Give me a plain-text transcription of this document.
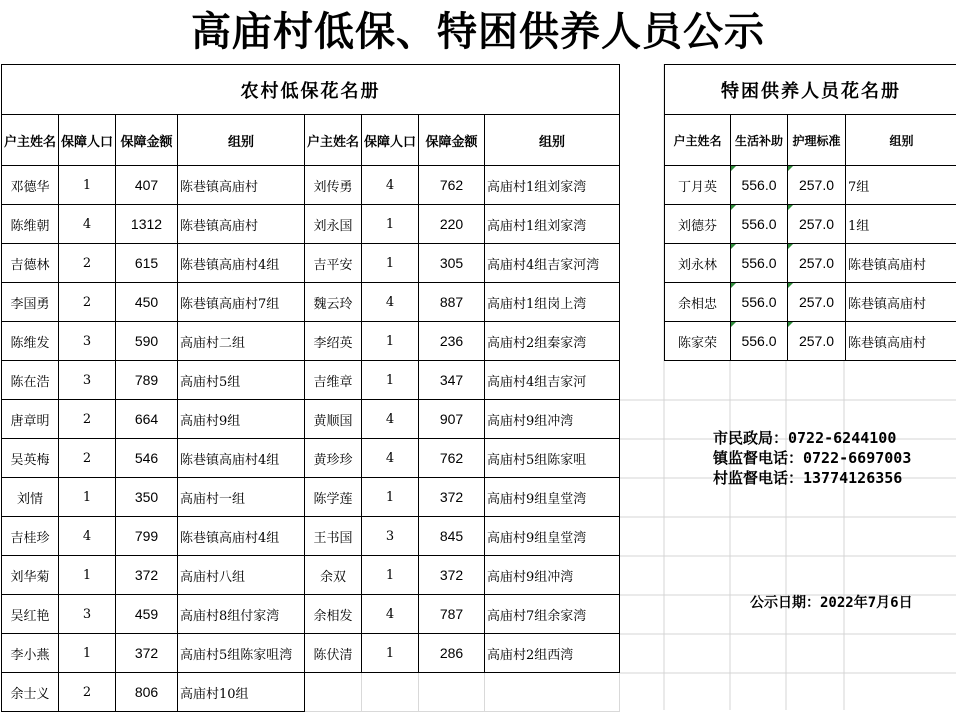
高庙村低保、特困供养人员公示
农村低保花名册							
户主姓名	保障人口	保障金额	组别	户主姓名	保障人口	保障金额	组别
邓德华	1	407	陈巷镇高庙村	刘传勇	4	762	高庙村1组刘家湾
陈维朝	4	1312	陈巷镇高庙村	刘永国	1	220	高庙村1组刘家湾
吉德林	2	615	陈巷镇高庙村4组	吉平安	1	305	高庙村4组吉家河湾
李国勇	2	450	陈巷镇高庙村7组	魏云玲	4	887	高庙村1组岗上湾
陈维发	3	590	高庙村二组	李绍英	1	236	高庙村2组秦家湾
陈在浩	3	789	高庙村5组	吉维章	1	347	高庙村4组吉家河
唐章明	2	664	高庙村9组	黄顺国	4	907	高庙村9组冲湾
吴英梅	2	546	陈巷镇高庙村4组	黄珍珍	4	762	高庙村5组陈家咀
刘情	1	350	高庙村一组	陈学莲	1	372	高庙村9组皇堂湾
吉桂珍	4	799	陈巷镇高庙村4组	王书国	3	845	高庙村9组皇堂湾
刘华菊	1	372	高庙村八组	余双	1	372	高庙村9组冲湾
吴红艳	3	459	高庙村8组付家湾	余相发	4	787	高庙村7组余家湾
李小燕	1	372	高庙村5组陈家咀湾	陈伏清	1	286	高庙村2组西湾
余士义	2	806	高庙村10组				
特困供养人员花名册			
户主姓名	生活补助	护理标准	组别
丁月英	556.0	257.0	7组
刘德芬	556.0	257.0	1组
刘永林	556.0	257.0	陈巷镇高庙村
余相忠	556.0	257.0	陈巷镇高庙村
陈家荣	556.0	257.0	陈巷镇高庙村
市民政局：0722-6244100
镇监督电话：0722-6697003
村监督电话：13774126356
公示日期：2022年7月6日
